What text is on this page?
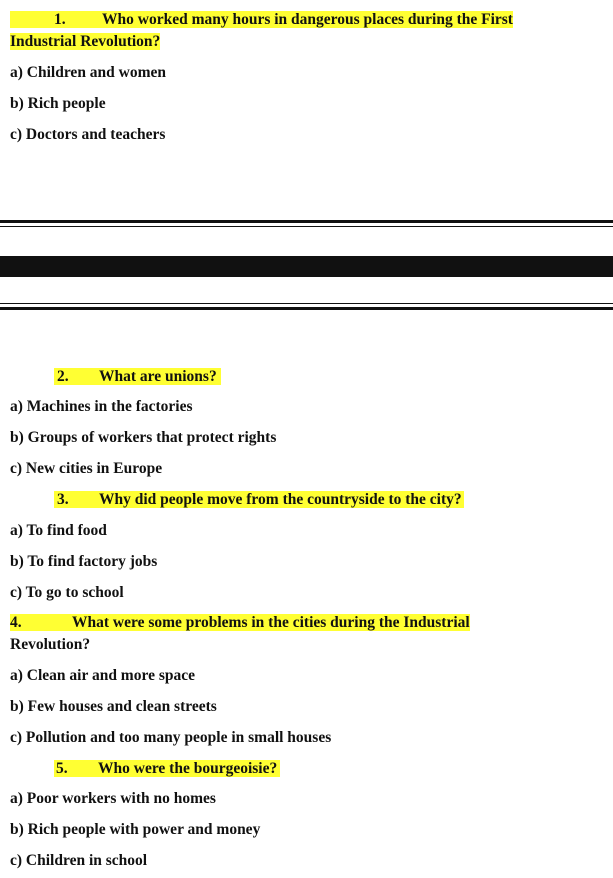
1. Who worked many hours in dangerous places during the First
Industrial Revolution?
a) Children and women
b) Rich people
c) Doctors and teachers
2. What are unions?
a) Machines in the factories
b) Groups of workers that protect rights
c) New cities in Europe
3. Why did people move from the countryside to the city?
a) To find food
b) To find factory jobs
c) To go to school
4.	What were some problems in the cities during the Industrial
Revolution?
a) Clean air and more space
b) Few houses and clean streets
c) Pollution and too many people in small houses
5. Who were the bourgeoisie?
a) Poor workers with no homes
b) Rich people with power and money
c) Children in school
